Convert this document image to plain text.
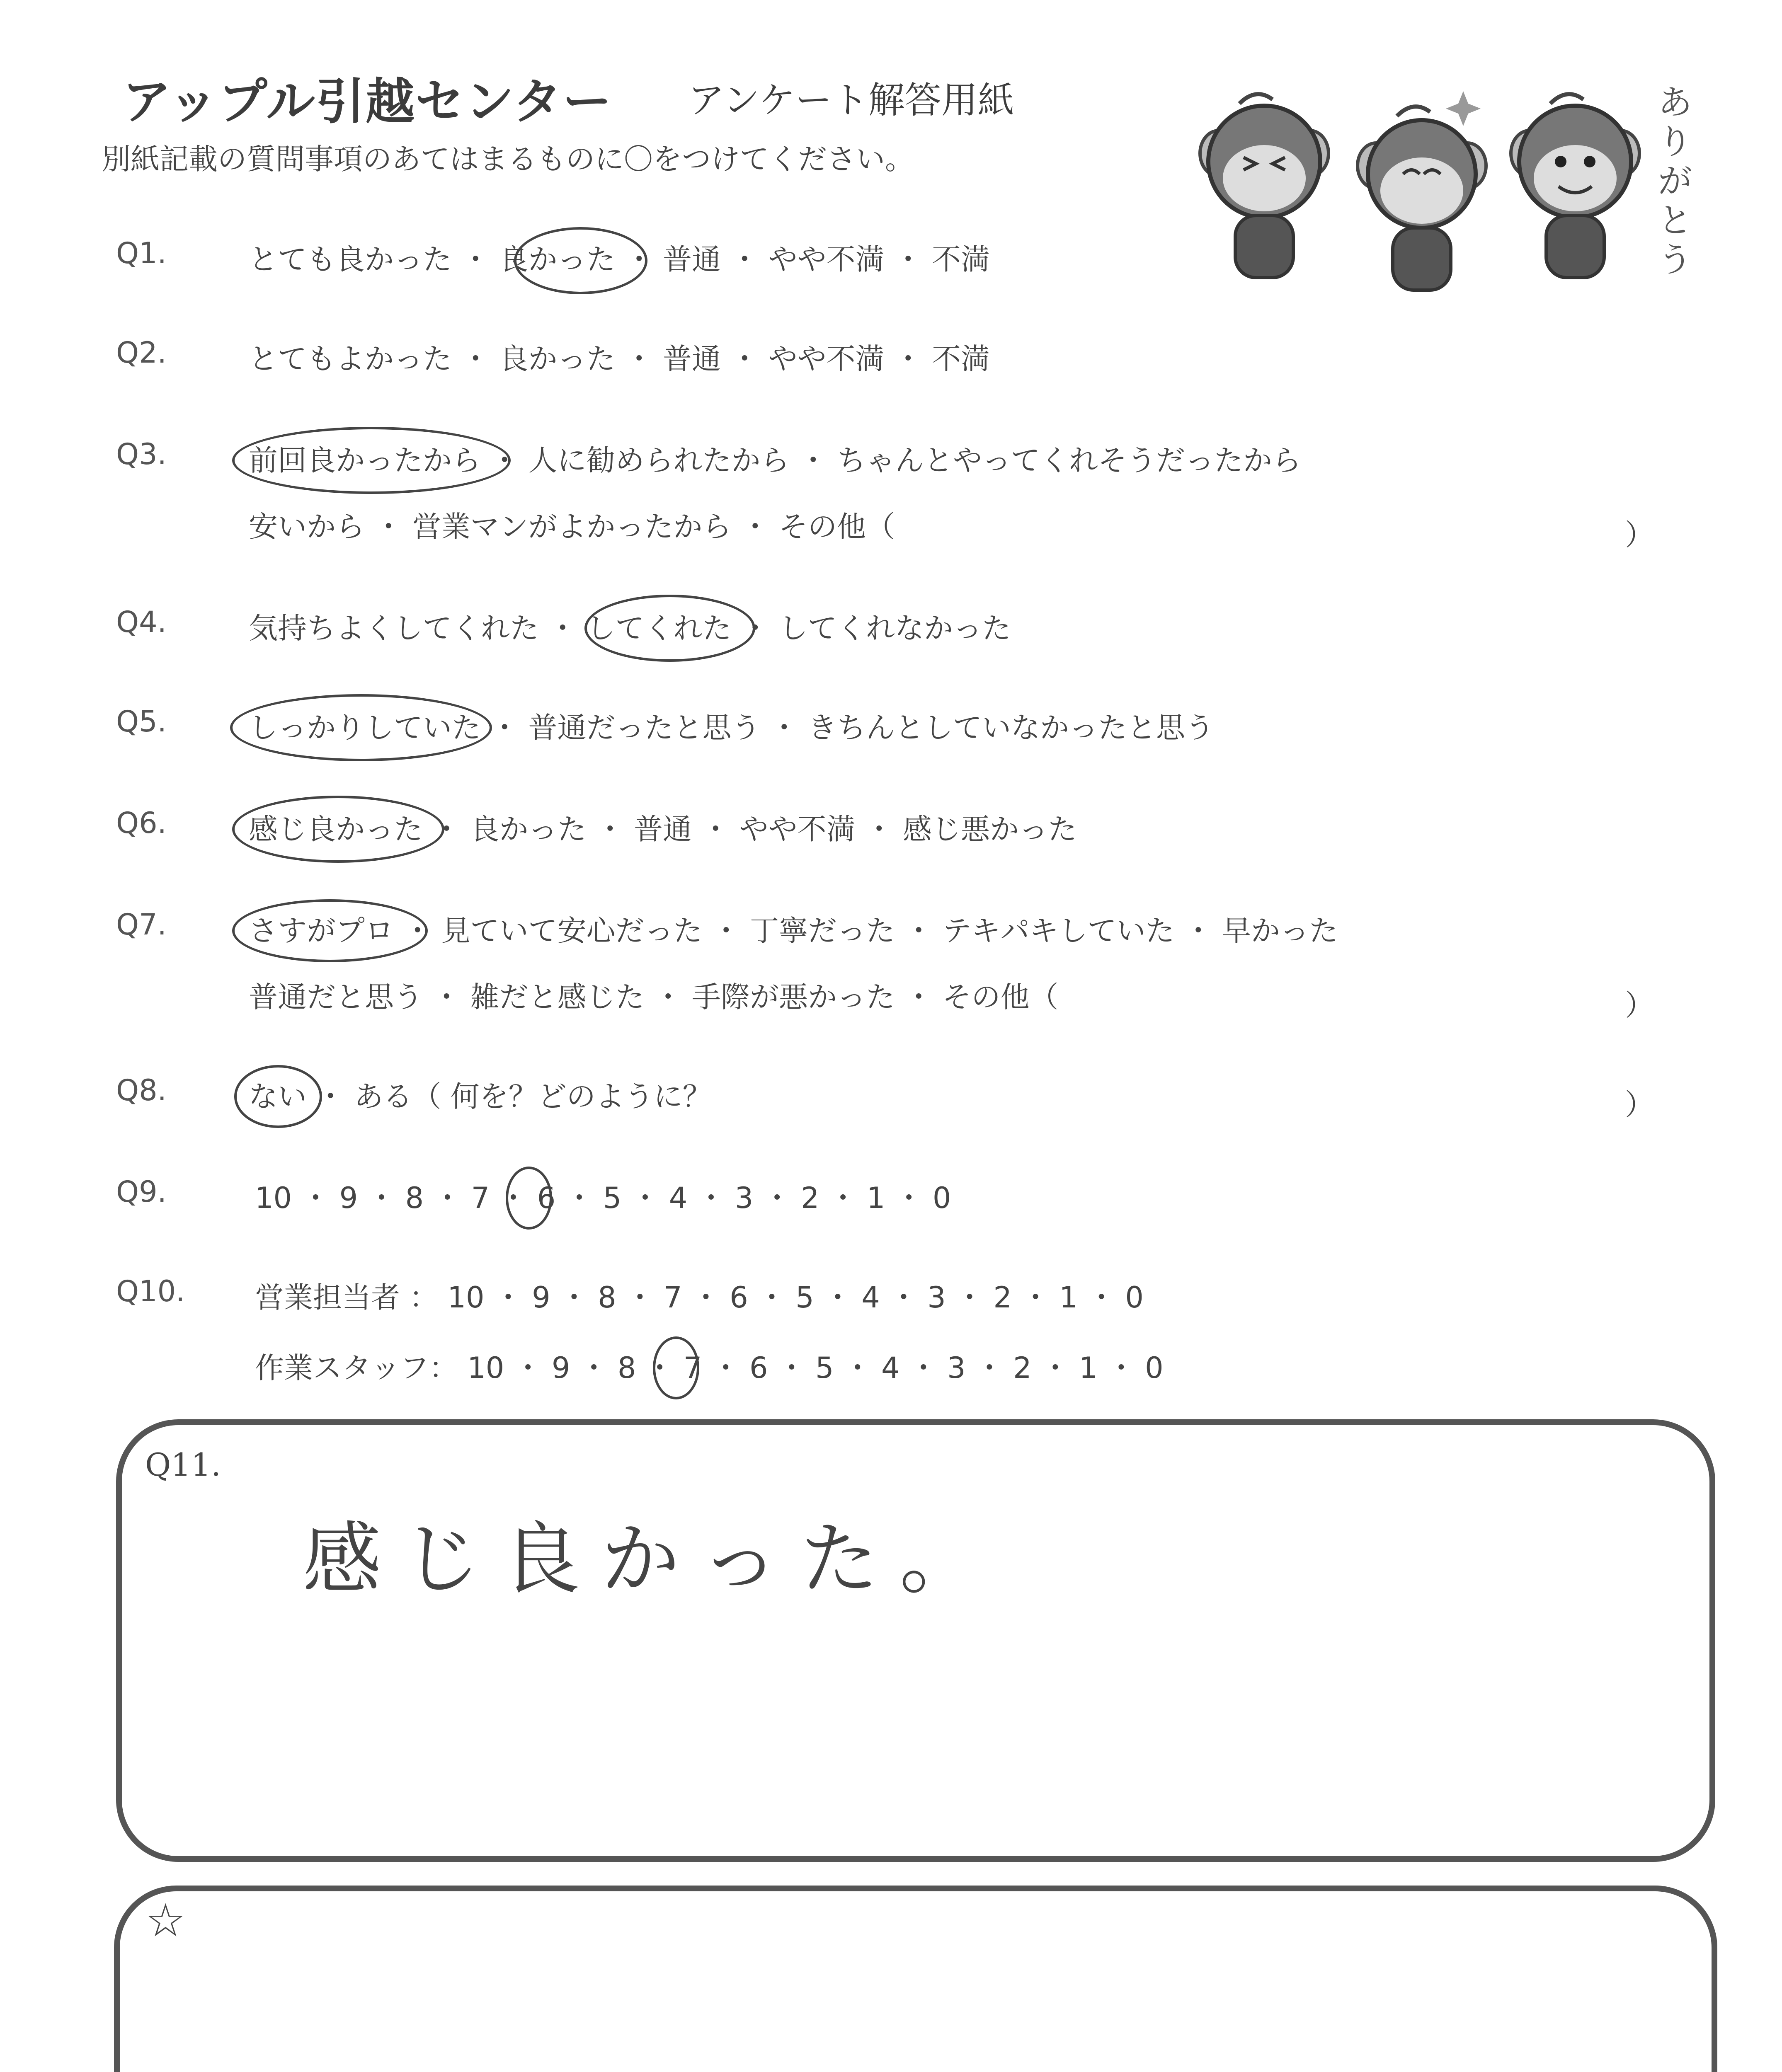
アップル引越センター アンケート解答用紙
別紙記載の質問事項のあてはまるものに〇をつけてください。
ありがとう
Q1.	とても良かった ・ 良かった ・ 普通 ・ やや不満 ・ 不満
Q2.	とてもよかった ・ 良かった ・ 普通 ・ やや不満 ・ 不満
Q3.	前回良かったから ・ 人に勧められたから ・ ちゃんとやってくれそうだったから
安いから ・ 営業マンがよかったから ・ その他（	）
Q4.	気持ちよくしてくれた ・ してくれた ・ してくれなかった
Q5.	しっかりしていた ・ 普通だったと思う ・ きちんとしていなかったと思う
Q6.	感じ良かった ・ 良かった ・ 普通 ・ やや不満 ・ 感じ悪かった
Q7.	さすがプロ ・ 見ていて安心だった ・ 丁寧だった ・ テキパキしていた ・ 早かった
普通だと思う ・ 雑だと感じた ・ 手際が悪かった ・ その他（	）
Q8.	ない ・ ある（ 何を？どのように？	）
Q9.	10 ・ 9 ・ 8 ・ 7 ・ 6 ・ 5 ・ 4 ・ 3 ・ 2 ・ 1 ・ 0
Q10. 営業担当者 ： 10 ・ 9 ・ 8 ・ 7 ・ 6 ・ 5 ・ 4 ・ 3 ・ 2 ・ 1 ・ 0
作業スタッフ： 10 ・ 9 ・ 8 ・ 7 ・ 6 ・ 5 ・ 4 ・ 3 ・ 2 ・ 1 ・ 0
Q11.
感じ良かった。
☆
